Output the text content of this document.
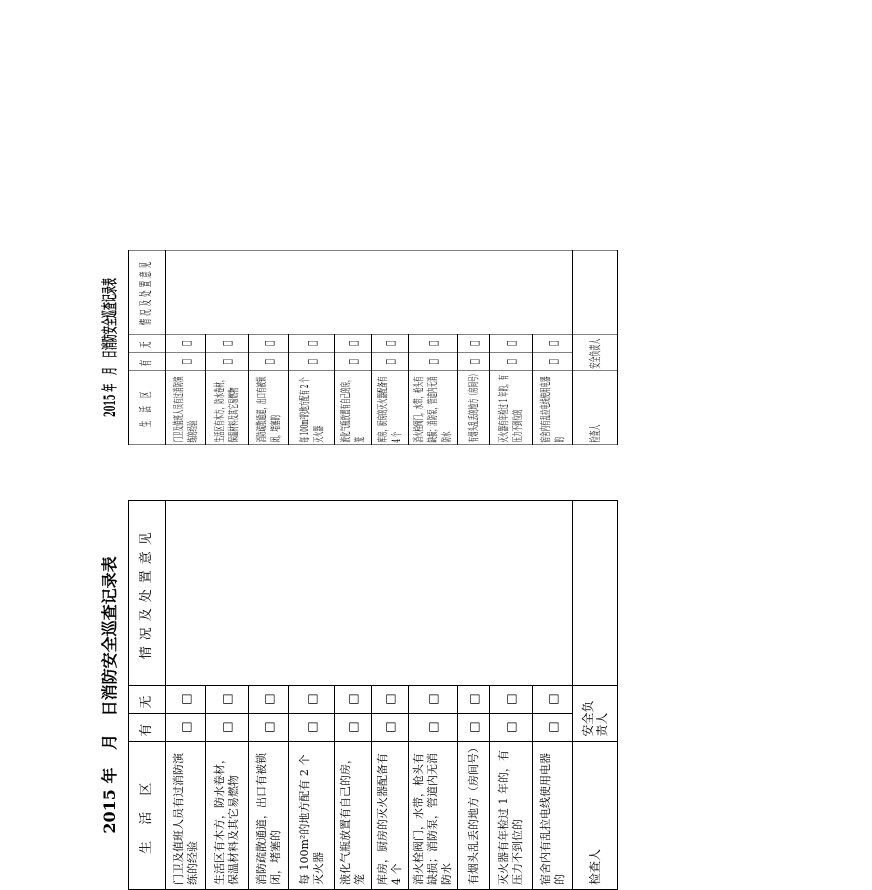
2015 年 月 日消防安全巡查记录表
生 活 区	有	无	情况及处置意见
门卫及值班人员有过消防演练的经验	□	□	
生活区有木方，防水卷材，保温材料及其它易燃物	□	□	
消防疏散通道，出口有被锁闭，堵塞的	□	□	
每 100m²的地方配有 2 个灭火器	□	□	
液化气瓶放置有自己的房，笼	□	□	
库房，厨房的灭火器配备有 4 个	□	□	
消火栓阀门，水带，枪头有缺损；消防泵，管道内无消防水	□	□	
有烟头乱丢的地方（房间号）	□	□	
灭火器有年检过 1 年的，有压力不到位的	□	□	
宿舍内有乱拉电线使用电器的	□	□	
检查人	安全负责人		
2015 年 月 日消防安全巡查记录表
生 活 区	有	无	情况及处置意见
门卫及值班人员有过消防演练的经验	□	□	
生活区有木方，防水卷材，保温材料及其它易燃物	□	□	
消防疏散通道，出口有被锁闭，堵塞的	□	□	
每 100m²的地方配有 2 个灭火器	□	□	
液化气瓶放置有自己的房，笼	□	□	
库房，厨房的灭火器配备有 4 个	□	□	
消火栓阀门，水带，枪头有缺损；消防泵，管道内无消防水	□	□	
有烟头乱丢的地方（房间号）	□	□	
灭火器有年检过 1 年的，有压力不到位的	□	□	
宿舍内有乱拉电线使用电器的	□	□	
检查人	安全负责人		
